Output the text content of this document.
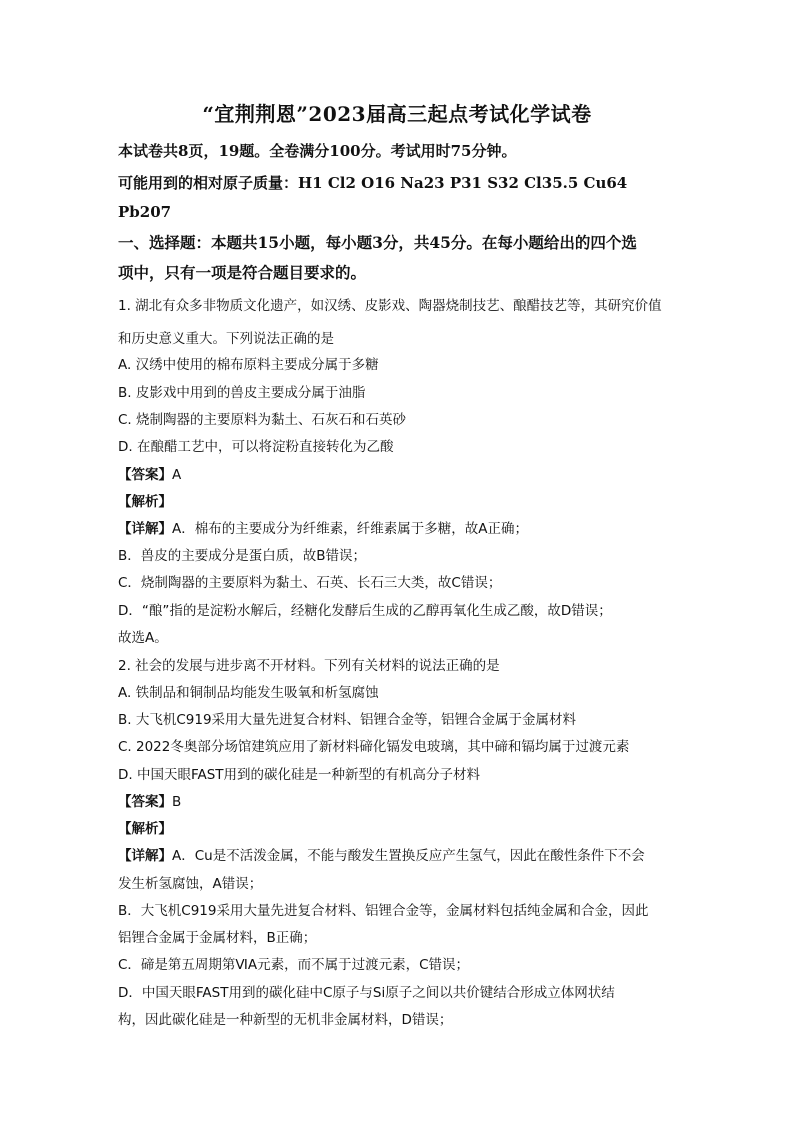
“宜荆荆恩”2023届高三起点考试化学试卷
本试卷共8页，19题。全卷满分100分。考试用时75分钟。
可能用到的相对原子质量：H1 Cl2 O16 Na23 P31 S32 Cl35.5 Cu64
Pb207
一、选择题：本题共15小题，每小题3分，共45分。在每小题给出的四个选
项中，只有一项是符合题目要求的。
1. 湖北有众多非物质文化遗产，如汉绣、皮影戏、陶器烧制技艺、酿醋技艺等，其研究价值
和历史意义重大。下列说法正确的是
A. 汉绣中使用的棉布原料主要成分属于多糖
B. 皮影戏中用到的兽皮主要成分属于油脂
C. 烧制陶器的主要原料为黏土、石灰石和石英砂
D. 在酿醋工艺中，可以将淀粉直接转化为乙酸
【答案】A
【解析】
【详解】A．棉布的主要成分为纤维素，纤维素属于多糖，故A正确；
B．兽皮的主要成分是蛋白质，故B错误；
C．烧制陶器的主要原料为黏土、石英、长石三大类，故C错误；
D．“酿”指的是淀粉水解后，经糖化发酵后生成的乙醇再氧化生成乙酸，故D错误；
故选A。
2. 社会的发展与进步离不开材料。下列有关材料的说法正确的是
A. 铁制品和铜制品均能发生吸氧和析氢腐蚀
B. 大飞机C919采用大量先进复合材料、铝锂合金等，铝锂合金属于金属材料
C. 2022冬奥部分场馆建筑应用了新材料碲化镉发电玻璃，其中碲和镉均属于过渡元素
D. 中国天眼FAST用到的碳化硅是一种新型的有机高分子材料
【答案】B
【解析】
【详解】A．Cu是不活泼金属，不能与酸发生置换反应产生氢气，因此在酸性条件下不会
发生析氢腐蚀，A错误；
B．大飞机C919采用大量先进复合材料、铝锂合金等，金属材料包括纯金属和合金，因此
铝锂合金属于金属材料，B正确；
C．碲是第五周期第ⅥA元素，而不属于过渡元素，C错误；
D．中国天眼FAST用到的碳化硅中C原子与Si原子之间以共价键结合形成立体网状结
构，因此碳化硅是一种新型的无机非金属材料，D错误；
